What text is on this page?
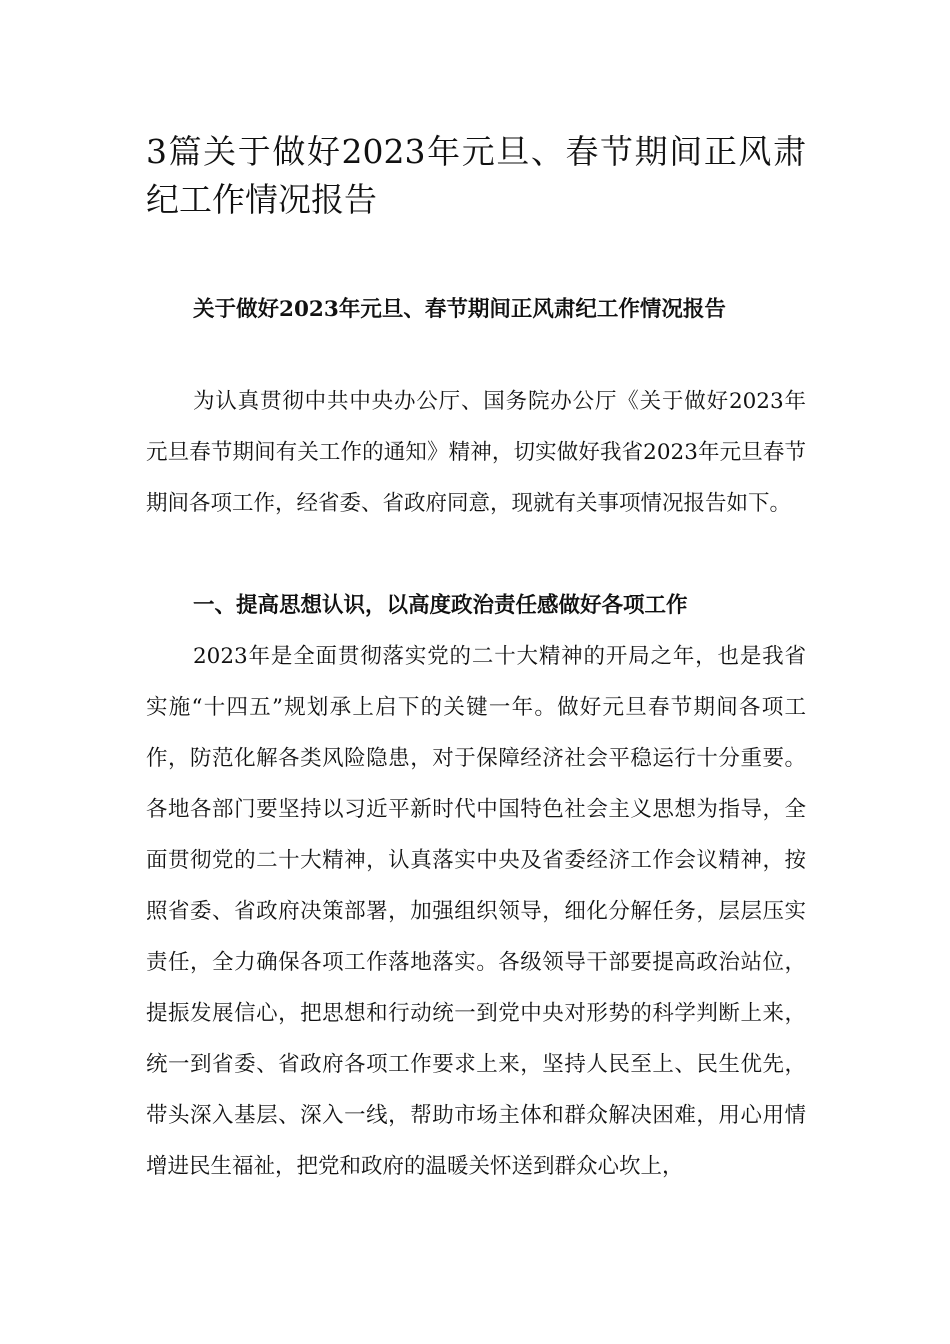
3篇关于做好2023年元旦、春节期间正风肃纪工作情况报告
关于做好2023年元旦、春节期间正风肃纪工作情况报告

为认真贯彻中共中央办公厅、国务院办公厅《关于做好2023年元旦春节期间有关工作的通知》精神，切实做好我省2023年元旦春节期间各项工作，经省委、省政府同意，现就有关事项情况报告如下。

一、提高思想认识，以高度政治责任感做好各项工作

2023年是全面贯彻落实党的二十大精神的开局之年，也是我省实施“十四五”规划承上启下的关键一年。做好元旦春节期间各项工作，防范化解各类风险隐患，对于保障经济社会平稳运行十分重要。各地各部门要坚持以习近平新时代中国特色社会主义思想为指导，全面贯彻党的二十大精神，认真落实中央及省委经济工作会议精神，按照省委、省政府决策部署，加强组织领导，细化分解任务，层层压实责任，全力确保各项工作落地落实。各级领导干部要提高政治站位，提振发展信心，把思想和行动统一到党中央对形势的科学判断上来，统一到省委、省政府各项工作要求上来，坚持人民至上、民生优先，带头深入基层、深入一线，帮助市场主体和群众解决困难，用心用情增进民生福祉，把党和政府的温暖关怀送到群众心坎上，
